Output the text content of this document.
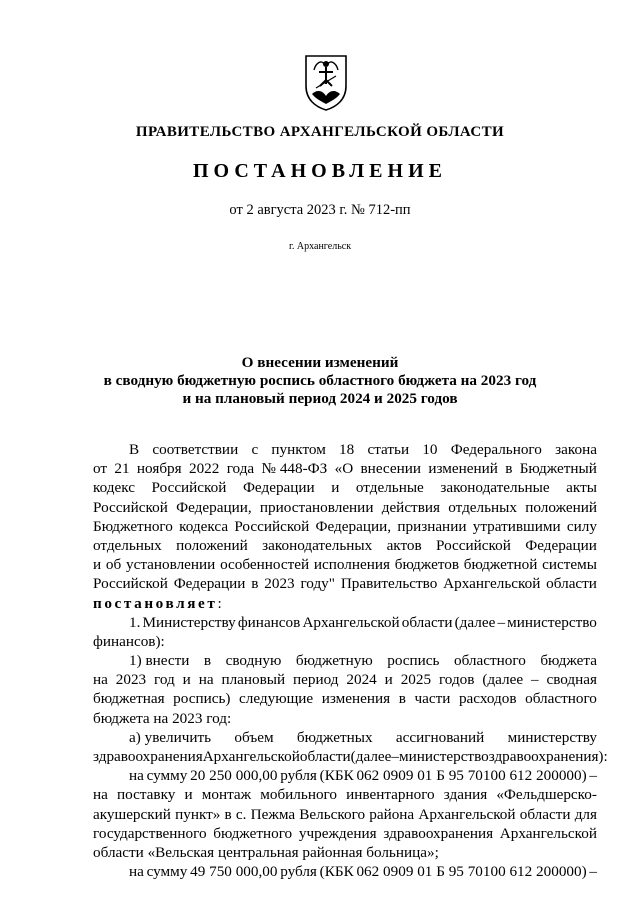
ПРАВИТЕЛЬСТВО АРХАНГЕЛЬСКОЙ ОБЛАСТИ
ПОСТАНОВЛЕНИЕ
от 2 августа 2023 г. № 712-пп
г. Архангельск
О внесении изменений
в сводную бюджетную роспись областного бюджета на 2023 год
и на плановый период 2024 и 2025 годов
В соответствии с пунктом 18 статьи 10 Федерального закона
от 21 ноября 2022 года № 448-ФЗ «О внесении изменений в Бюджетный
кодекс Российской Федерации и отдельные законодательные акты
Российской Федерации, приостановлении действия отдельных положений
Бюджетного кодекса Российской Федерации, признании утратившими силу
отдельных положений законодательных актов Российской Федерации
и об установлении особенностей исполнения бюджетов бюджетной системы
Российской Федерации в 2023 году" Правительство Архангельской области
постановляет:
1. Министерству финансов Архангельской области (далее – министерство
финансов):
1) внести в сводную бюджетную роспись областного бюджета
на 2023 год и на плановый период 2024 и 2025 годов (далее – сводная
бюджетная роспись) следующие изменения в части расходов областного
бюджета на 2023 год:
а) увеличить объем бюджетных ассигнований министерству
здравоохранения Архангельской области (далее – министерство здравоохранения):
на сумму 20 250 000,00 рубля (КБК 062 0909 01 Б 95 70100 612 200000) –
на поставку и монтаж мобильного инвентарного здания «Фельдшерско-
акушерский пункт» в с. Пежма Вельского района Архангельской области для
государственного бюджетного учреждения здравоохранения Архангельской
области «Вельская центральная районная больница»;
на сумму 49 750 000,00 рубля (КБК 062 0909 01 Б 95 70100 612 200000) –
